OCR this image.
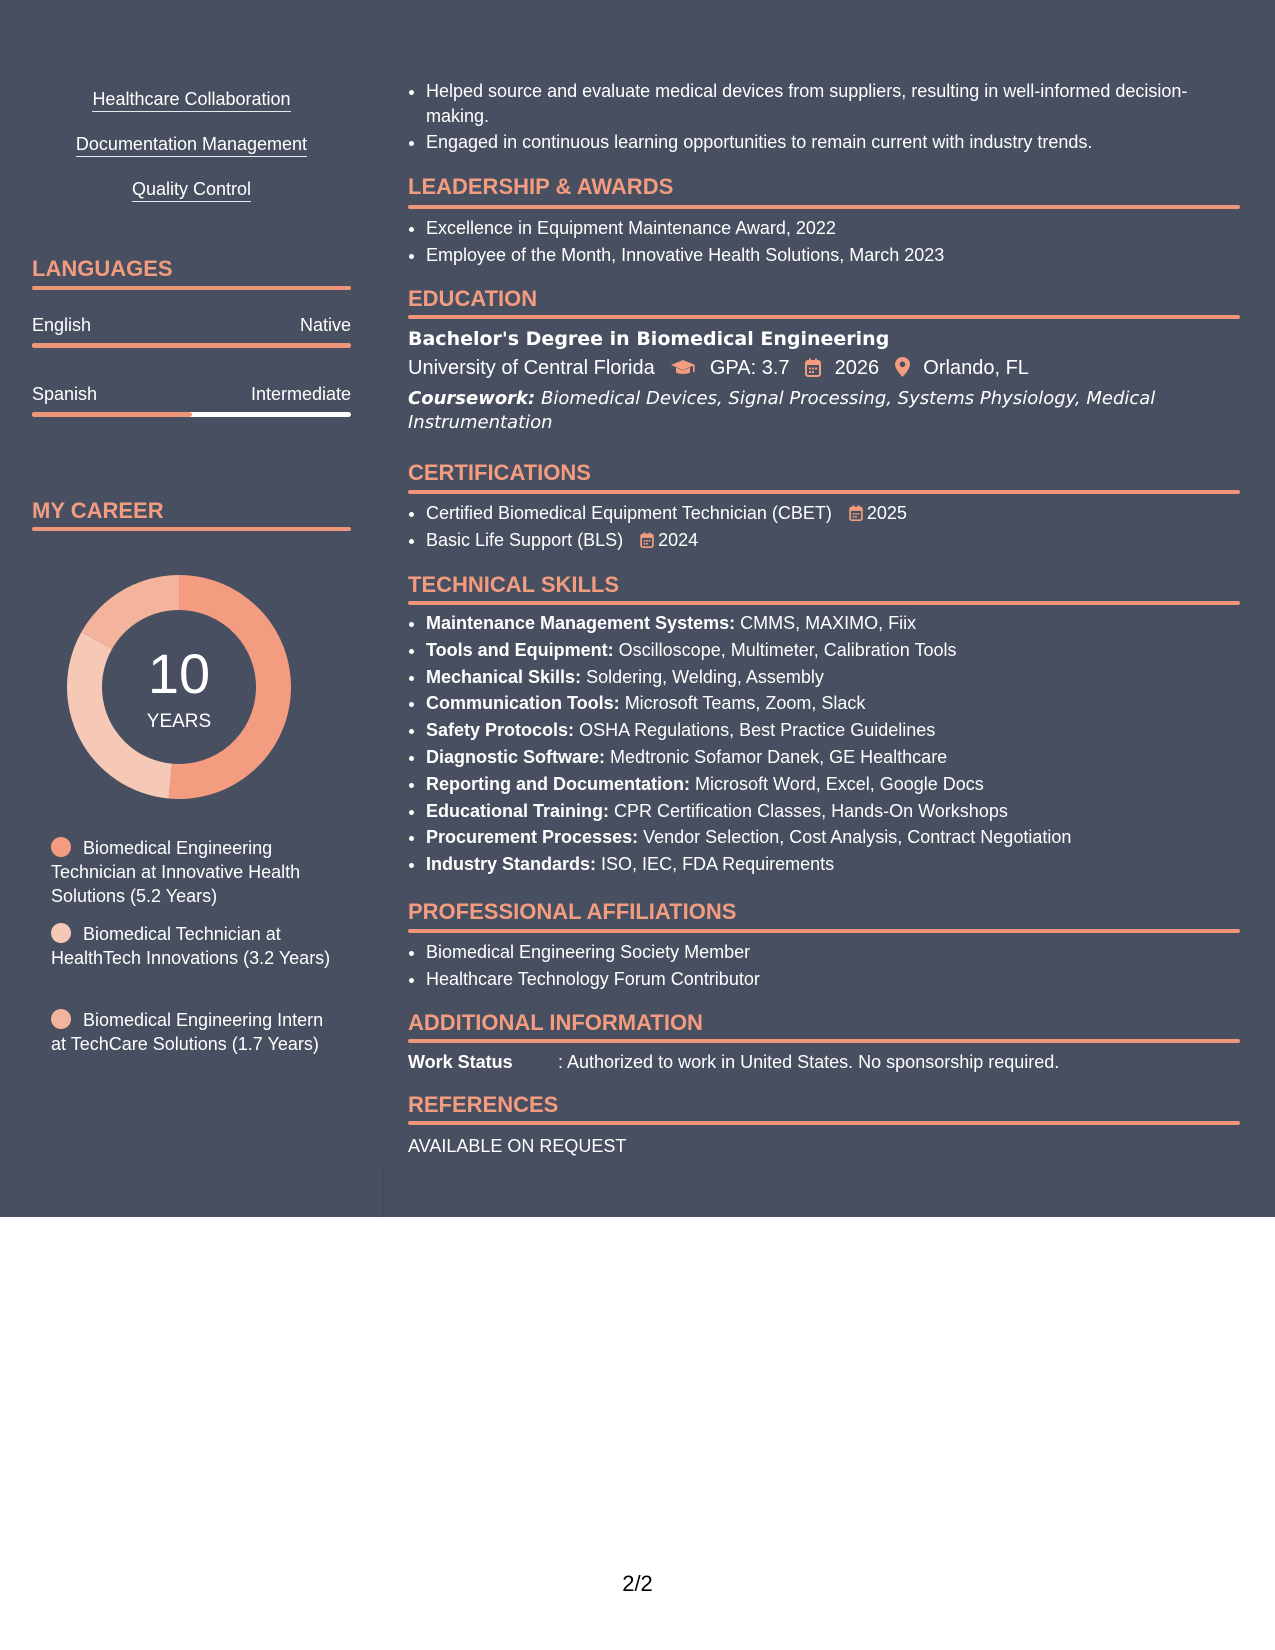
Healthcare Collaboration
Documentation Management
Quality Control
LANGUAGES
English	Native
Spanish	Intermediate
MY CAREER
10
YEARS
Biomedical Engineering Technician at Innovative Health Solutions (5.2 Years)
Biomedical Technician at HealthTech Innovations (3.2 Years)
Biomedical Engineering Intern at TechCare Solutions (1.7 Years)
• Helped source and evaluate medical devices from suppliers, resulting in well-informed decision-making.
• Engaged in continuous learning opportunities to remain current with industry trends.
LEADERSHIP & AWARDS
• Excellence in Equipment Maintenance Award, 2022
• Employee of the Month, Innovative Health Solutions, March 2023
EDUCATION
Bachelor's Degree in Biomedical Engineering
University of Central Florida	GPA: 3.7 2026 Orlando, FL
Coursework: Biomedical Devices, Signal Processing, Systems Physiology, Medical Instrumentation
CERTIFICATIONS
• Certified Biomedical Equipment Technician (CBET) 2025
• Basic Life Support (BLS) 2024
TECHNICAL SKILLS
• Maintenance Management Systems: CMMS, MAXIMO, Fiix
• Tools and Equipment: Oscilloscope, Multimeter, Calibration Tools
• Mechanical Skills: Soldering, Welding, Assembly
• Communication Tools: Microsoft Teams, Zoom, Slack
• Safety Protocols: OSHA Regulations, Best Practice Guidelines
• Diagnostic Software: Medtronic Sofamor Danek, GE Healthcare
• Reporting and Documentation: Microsoft Word, Excel, Google Docs
• Educational Training: CPR Certification Classes, Hands-On Workshops
• Procurement Processes: Vendor Selection, Cost Analysis, Contract Negotiation
• Industry Standards: ISO, IEC, FDA Requirements
PROFESSIONAL AFFILIATIONS
• Biomedical Engineering Society Member
• Healthcare Technology Forum Contributor
ADDITIONAL INFORMATION
Work Status	: Authorized to work in United States. No sponsorship required.
REFERENCES
AVAILABLE ON REQUEST
2/2
